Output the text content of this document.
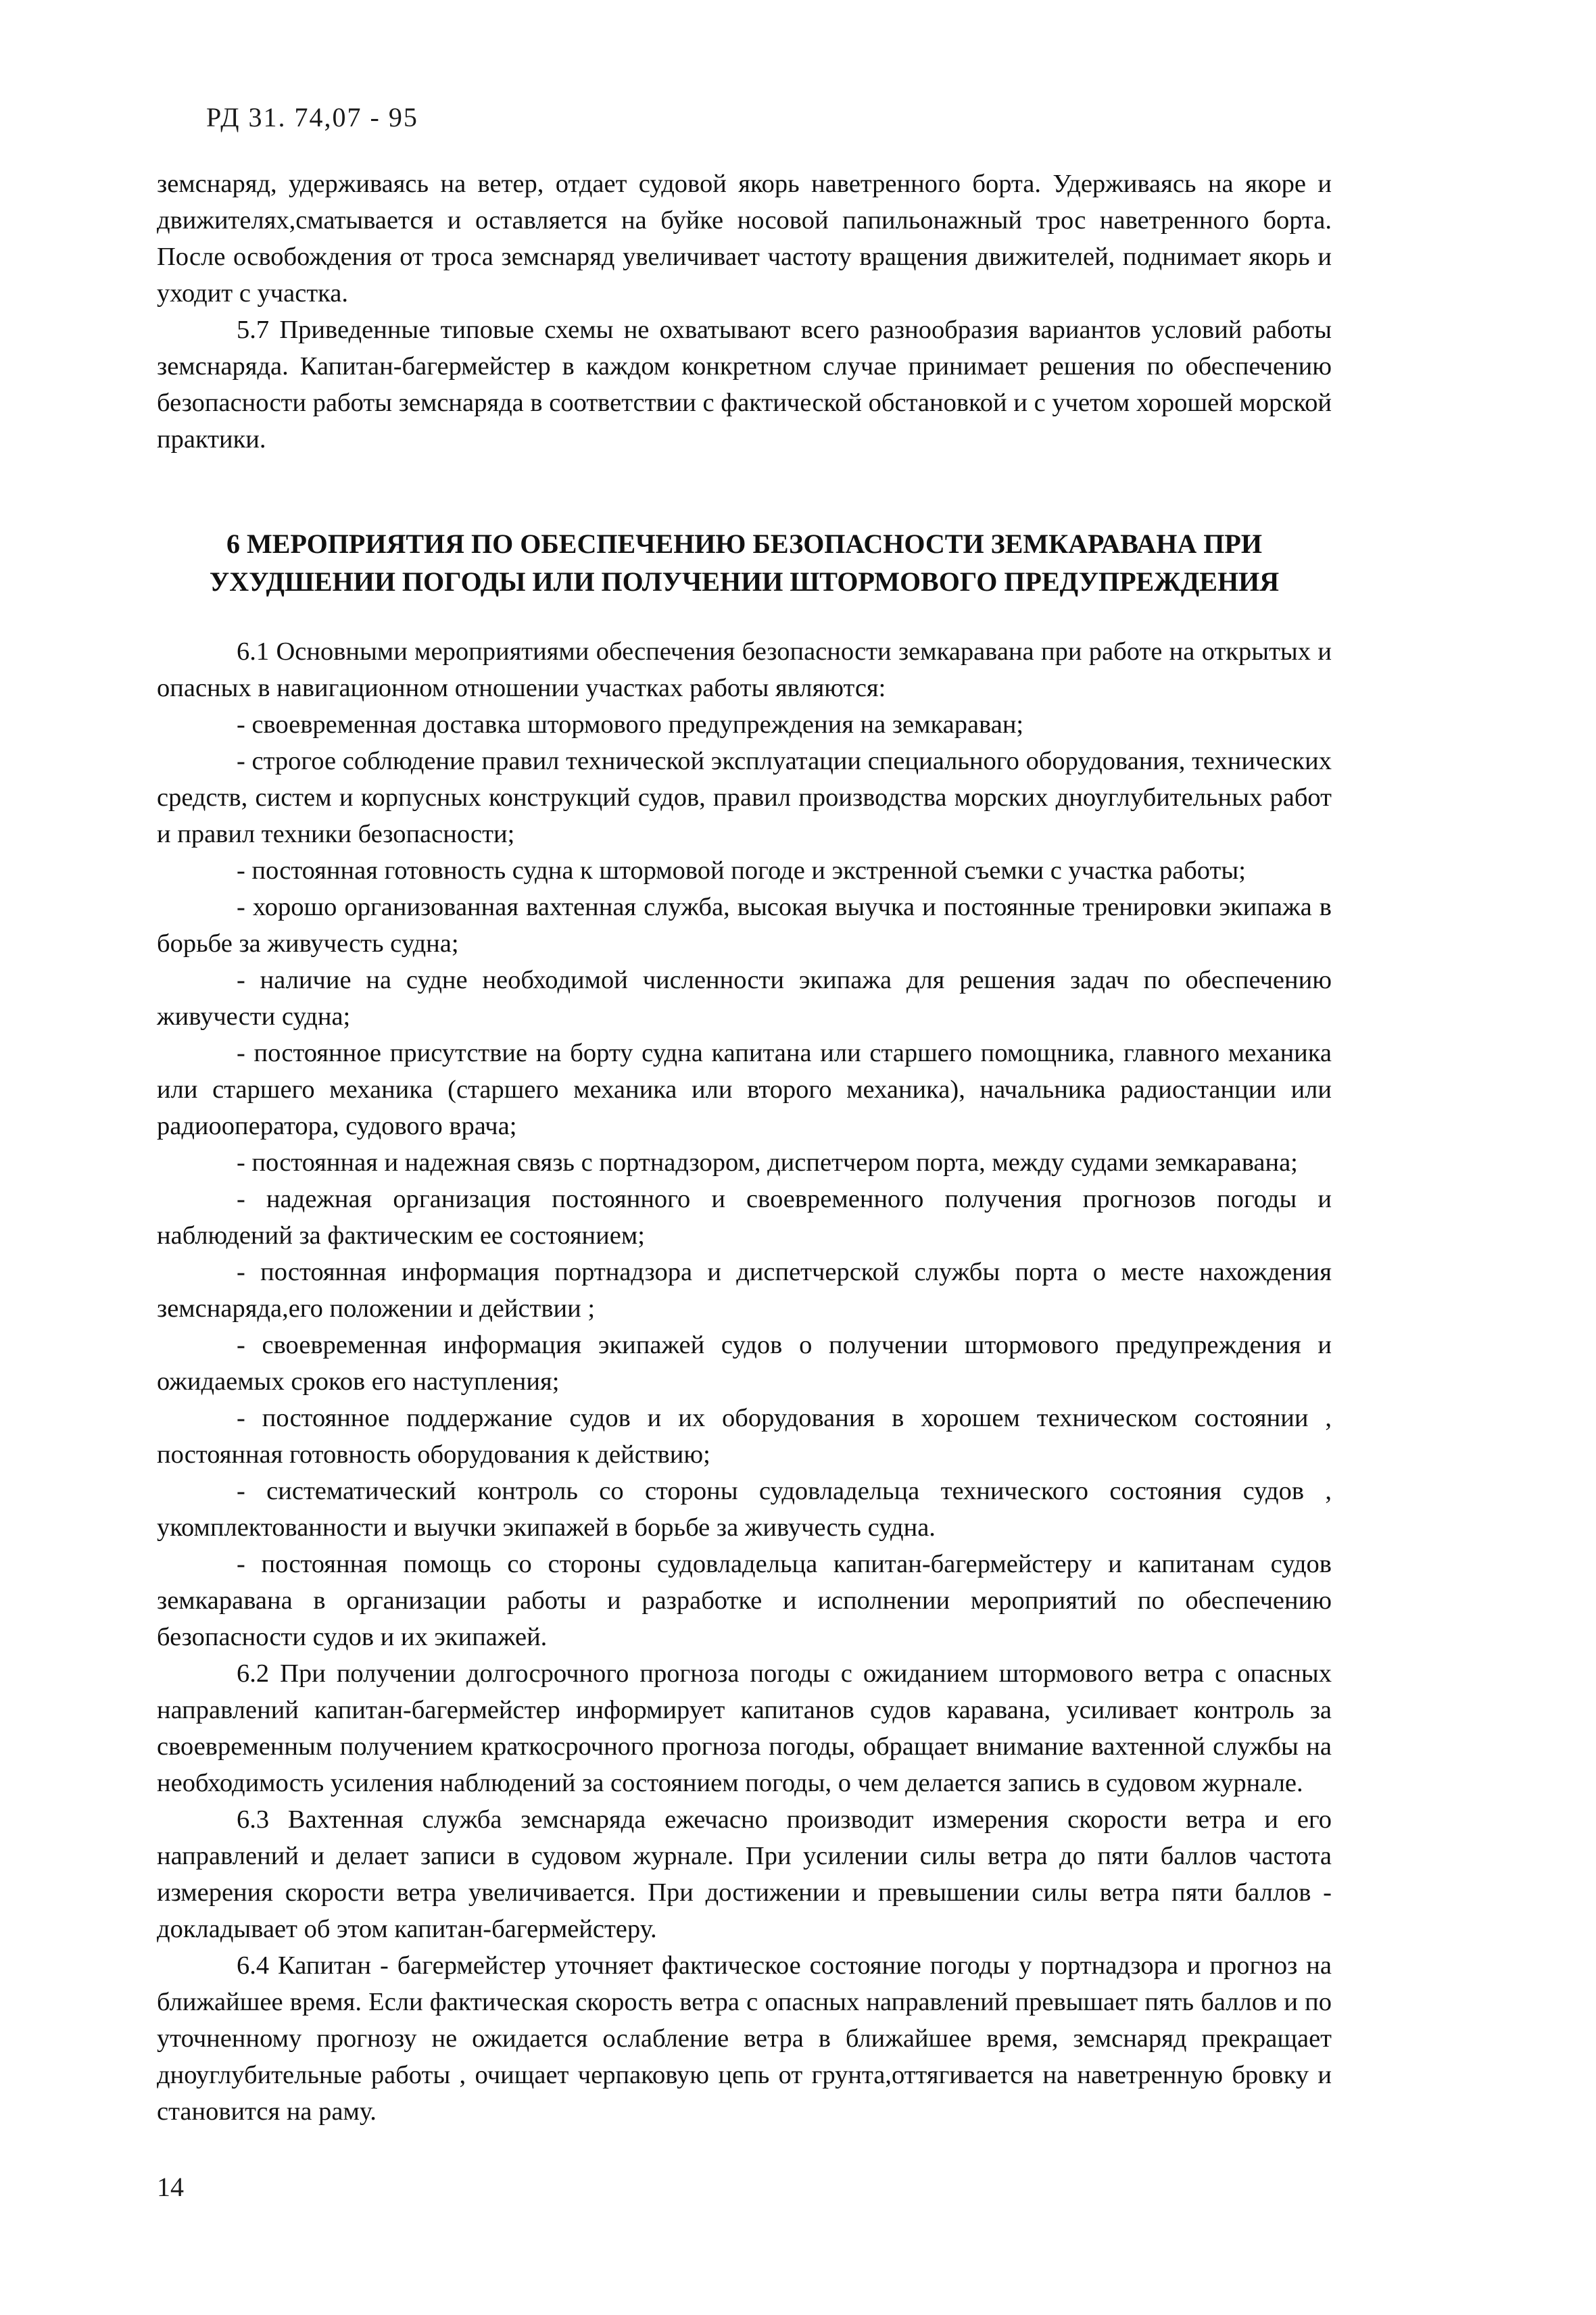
РД 31. 74,07 - 95

земснаряд, удерживаясь на ветер, отдает судовой якорь наветренного борта. Удерживаясь на якоре и движителях,сматывается и оставляется на буйке носовой папильонажный трос наветренного борта. После освобождения от троса земснаряд увеличивает частоту вращения движителей, поднимает якорь и уходит с участка.

5.7 Приведенные типовые схемы не охватывают всего разнообразия вариантов условий работы земснаряда. Капитан-багермейстер в каждом конкретном случае принимает решения по обеспечению безопасности работы земснаряда в соответствии с фактической обстановкой и с учетом хорошей морской практики.

6 МЕРОПРИЯТИЯ ПО ОБЕСПЕЧЕНИЮ БЕЗОПАСНОСТИ ЗЕМКАРАВАНА ПРИ УХУДШЕНИИ ПОГОДЫ ИЛИ ПОЛУЧЕНИИ ШТОРМОВОГО ПРЕДУПРЕЖДЕНИЯ

6.1 Основными мероприятиями обеспечения безопасности земкаравана при работе на открытых и опасных в навигационном отношении участках работы являются:

- своевременная доставка штормового предупреждения на земкараван;

- строгое соблюдение правил технической эксплуатации специального оборудования, технических средств, систем и корпусных конструкций судов, правил производства морских дноуглубительных работ и правил техники безопасности;

- постоянная готовность судна к штормовой погоде и экстренной съемки с участка работы;

- хорошо организованная вахтенная служба, высокая выучка и постоянные тренировки экипажа в борьбе за живучесть судна;

- наличие на судне необходимой численности экипажа для решения задач по обеспечению живучести судна;

- постоянное присутствие на борту судна капитана или старшего помощника, главного механика или старшего механика (старшего механика или второго механика), начальника радиостанции или радиооператора, судового врача;

- постоянная и надежная связь с портнадзором, диспетчером порта, между судами земкаравана;

- надежная организация постоянного и своевременного получения прогнозов погоды и наблюдений за фактическим ее состоянием;

- постоянная информация портнадзора и диспетчерской службы порта о месте нахождения земснаряда,его положении и действии ;

- своевременная информация экипажей судов о получении штормового предупреждения и ожидаемых сроков его наступления;

- постоянное поддержание судов и их оборудования в хорошем техническом состоянии , постоянная готовность оборудования к действию;

- систематический контроль со стороны судовладельца технического состояния судов , укомплектованности и выучки экипажей в борьбе за живучесть судна.

- постоянная помощь со стороны судовладельца капитан-багермейстеру и капитанам судов земкаравана в организации работы и разработке и исполнении мероприятий по обеспечению безопасности судов и их экипажей.

6.2 При получении долгосрочного прогноза погоды с ожиданием штормового ветра с опасных направлений капитан-багермейстер информирует капитанов судов каравана, усиливает контроль за своевременным получением краткосрочного прогноза погоды, обращает внимание вахтенной службы на необходимость усиления наблюдений за состоянием погоды, о чем делается запись в судовом журнале.

6.3 Вахтенная служба земснаряда ежечасно производит измерения скорости ветра и его направлений и делает записи в судовом журнале. При усилении силы ветра до пяти баллов частота измерения скорости ветра увеличивается. При достижении и превышении силы ветра пяти баллов - докладывает об этом капитан-багермейстеру.

6.4 Капитан - багермейстер уточняет фактическое состояние погоды у портнадзора и прогноз на ближайшее время. Если фактическая скорость ветра с опасных направлений превышает пять баллов и по уточненному прогнозу не ожидается ослабление ветра в ближайшее время, земснаряд прекращает дноуглубительные работы , очищает черпаковую цепь от грунта,оттягивается на наветренную бровку и становится на раму.

14
